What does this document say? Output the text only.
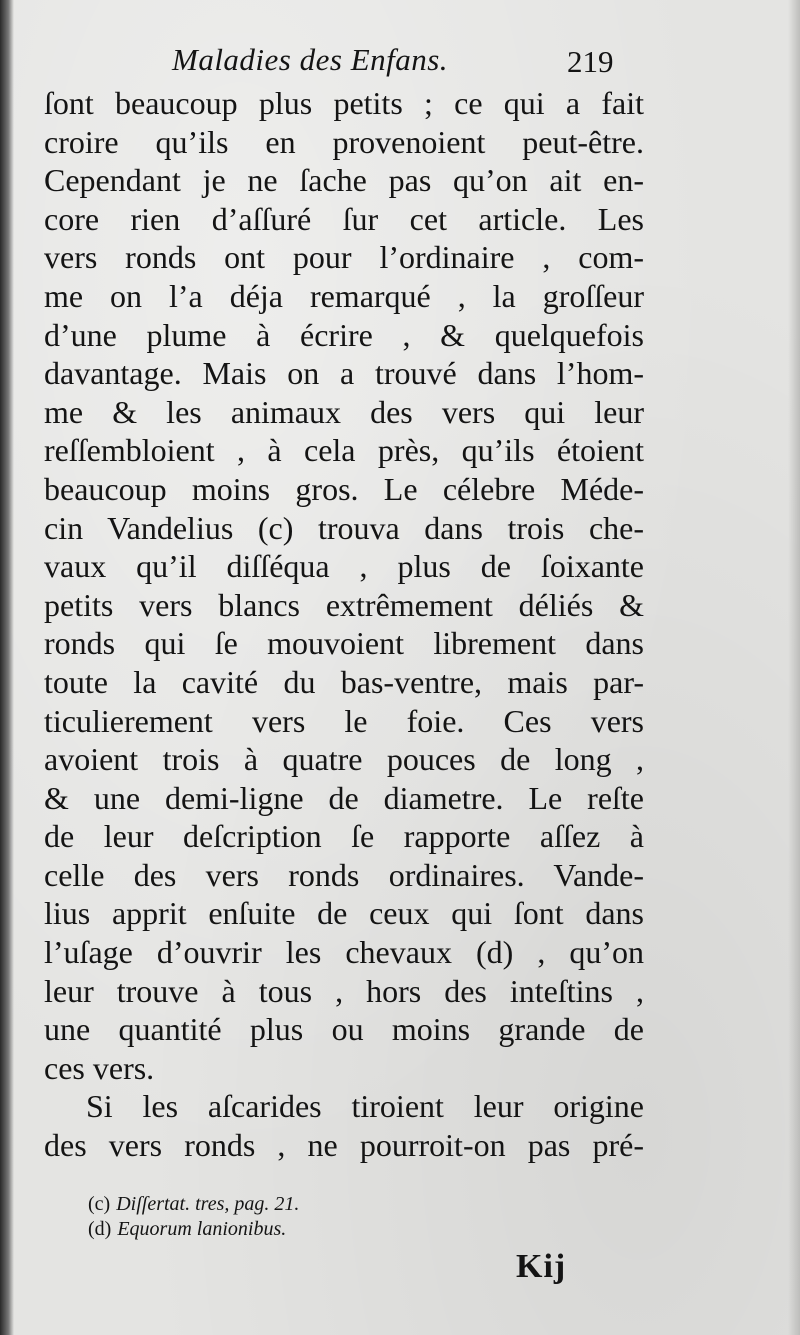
Maladies des Enfans.	219
ſont beaucoup plus petits ; ce qui a fait
croire qu’ils en provenoient peut-être.
Cependant je ne ſache pas qu’on ait en-
core rien d’aſſuré ſur cet article. Les
vers ronds ont pour l’ordinaire , com-
me on l’a déja remarqué , la groſſeur
d’une plume à écrire , & quelquefois
davantage. Mais on a trouvé dans l’hom-
me & les animaux des vers qui leur
reſſembloient , à cela près, qu’ils étoient
beaucoup moins gros. Le célebre Méde-
cin Vandelius (c) trouva dans trois che-
vaux qu’il diſſéqua , plus de ſoixante
petits vers blancs extrêmement déliés &
ronds qui ſe mouvoient librement dans
toute la cavité du bas-ventre, mais par-
ticulierement vers le foie. Ces vers
avoient trois à quatre pouces de long ,
& une demi-ligne de diametre. Le reſte
de leur deſcription ſe rapporte aſſez à
celle des vers ronds ordinaires. Vande-
lius apprit enſuite de ceux qui ſont dans
l’uſage d’ouvrir les chevaux (d) , qu’on
leur trouve à tous , hors des inteſtins ,
une quantité plus ou moins grande de
ces vers.
Si les aſcarides tiroient leur origine
des vers ronds , ne pourroit-on pas pré-
(c) Diſſertat. tres, pag. 21.
(d) Equorum lanionibus.
Kij
